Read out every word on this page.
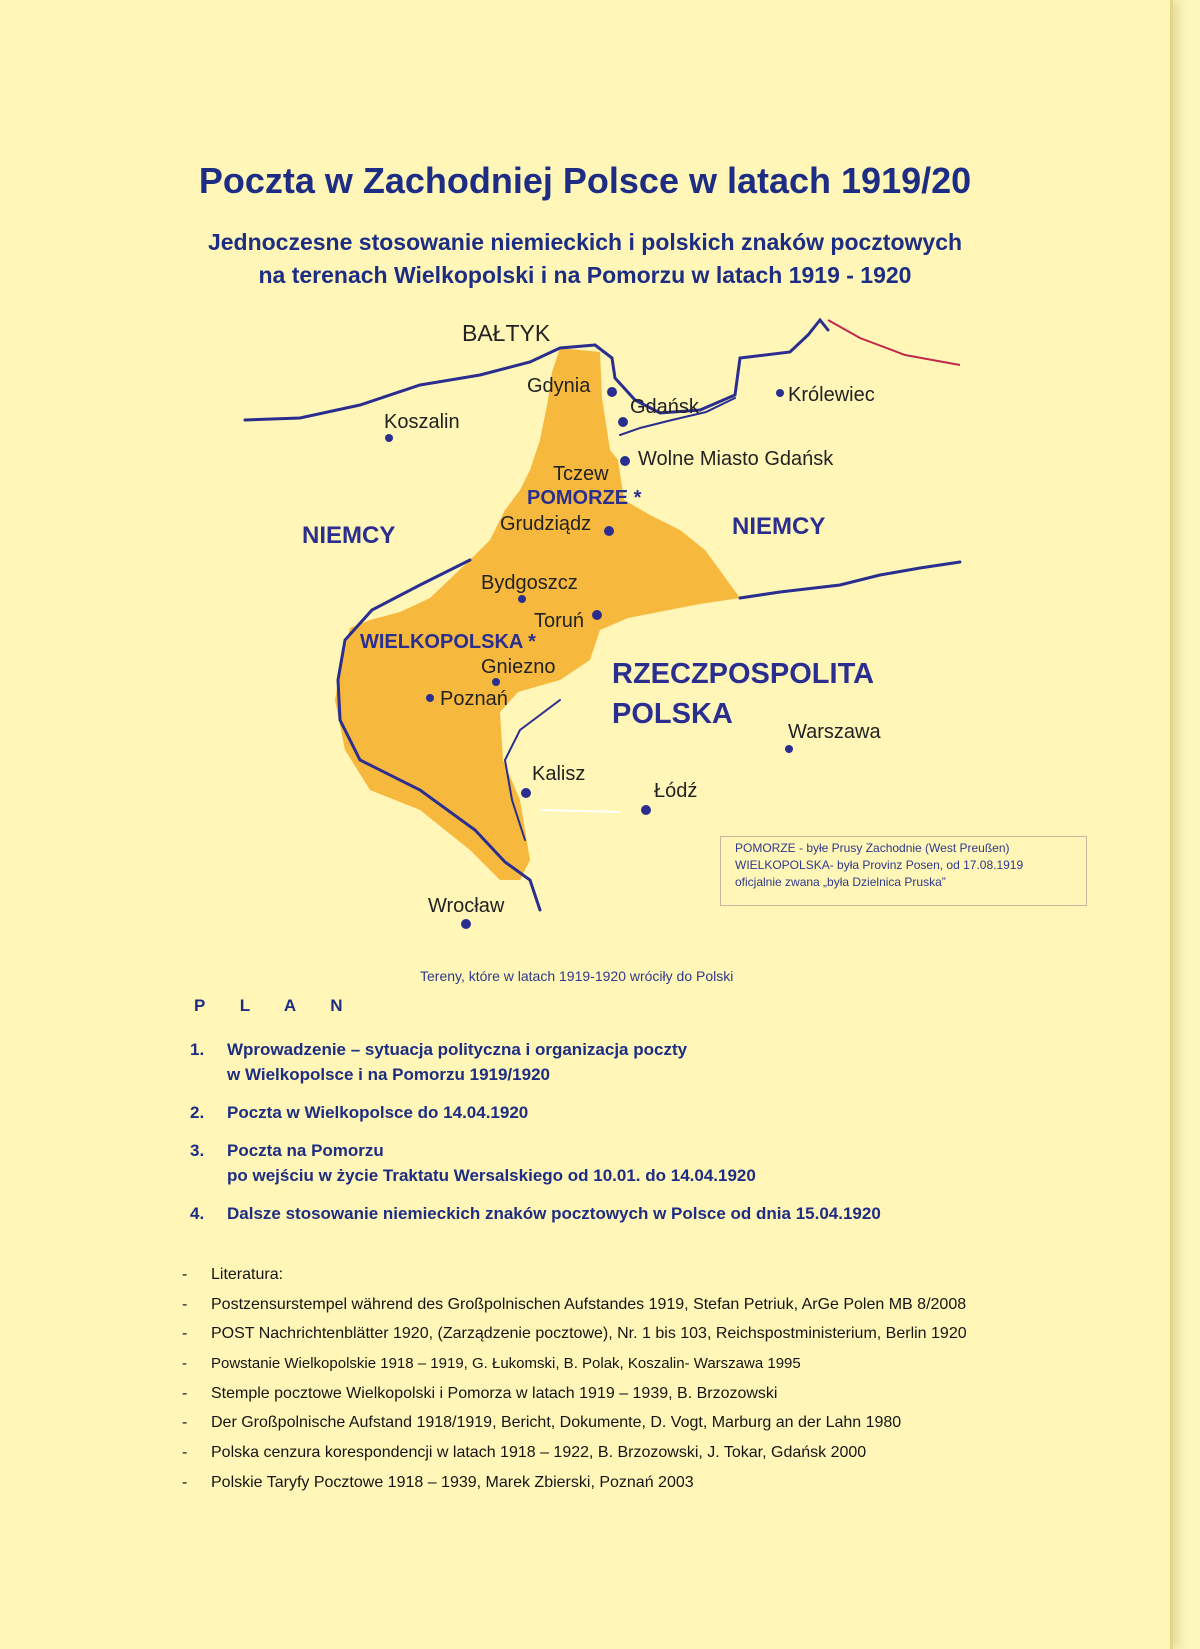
Poczta w Zachodniej Polsce w latach 1919/20
Jednoczesne stosowanie niemieckich i polskich znaków pocztowych
na terenach Wielkopolski i na Pomorzu w latach 1919 - 1920
BAŁTYK
Gdynia
Gdańsk
Królewiec
Koszalin
Wolne Miasto Gdańsk
Tczew
Grudziądz
Bydgoszcz
Toruń
Gniezno
Poznań
Kalisz
Łódź
Warszawa
Wrocław
POMORZE *
WIELKOPOLSKA *
NIEMCY	NIEMCY
RZECZPOSPOLITA
POLSKA
POMORZE - byłe Prusy Zachodnie (West Preußen)
WIELKOPOLSKA- była Provinz Posen, od 17.08.1919
oficjalnie zwana „była Dzielnica Pruska”
Tereny, które w latach 1919-1920 wróciły do Polski
P L A N
1. Wprowadzenie – sytuacja polityczna i organizacja poczty
w Wielkopolsce i na Pomorzu 1919/1920
2. Poczta w Wielkopolsce do 14.04.1920
3. Poczta na Pomorzu
po wejściu w życie Traktatu Wersalskiego od 10.01. do 14.04.1920
4. Dalsze stosowanie niemieckich znaków pocztowych w Polsce od dnia 15.04.1920
- Literatura:
- Postzensurstempel während des Großpolnischen Aufstandes 1919, Stefan Petriuk, ArGe Polen MB 8/2008
- POST Nachrichtenblätter 1920, (Zarządzenie pocztowe), Nr. 1 bis 103, Reichspostministerium, Berlin 1920
- Powstanie Wielkopolskie 1918 – 1919, G. Łukomski, B. Polak, Koszalin- Warszawa 1995
- Stemple pocztowe Wielkopolski i Pomorza w latach 1919 – 1939, B. Brzozowski
- Der Großpolnische Aufstand 1918/1919, Bericht, Dokumente, D. Vogt, Marburg an der Lahn 1980
- Polska cenzura korespondencji w latach 1918 – 1922, B. Brzozowski, J. Tokar, Gdańsk 2000
- Polskie Taryfy Pocztowe 1918 – 1939, Marek Zbierski, Poznań 2003
